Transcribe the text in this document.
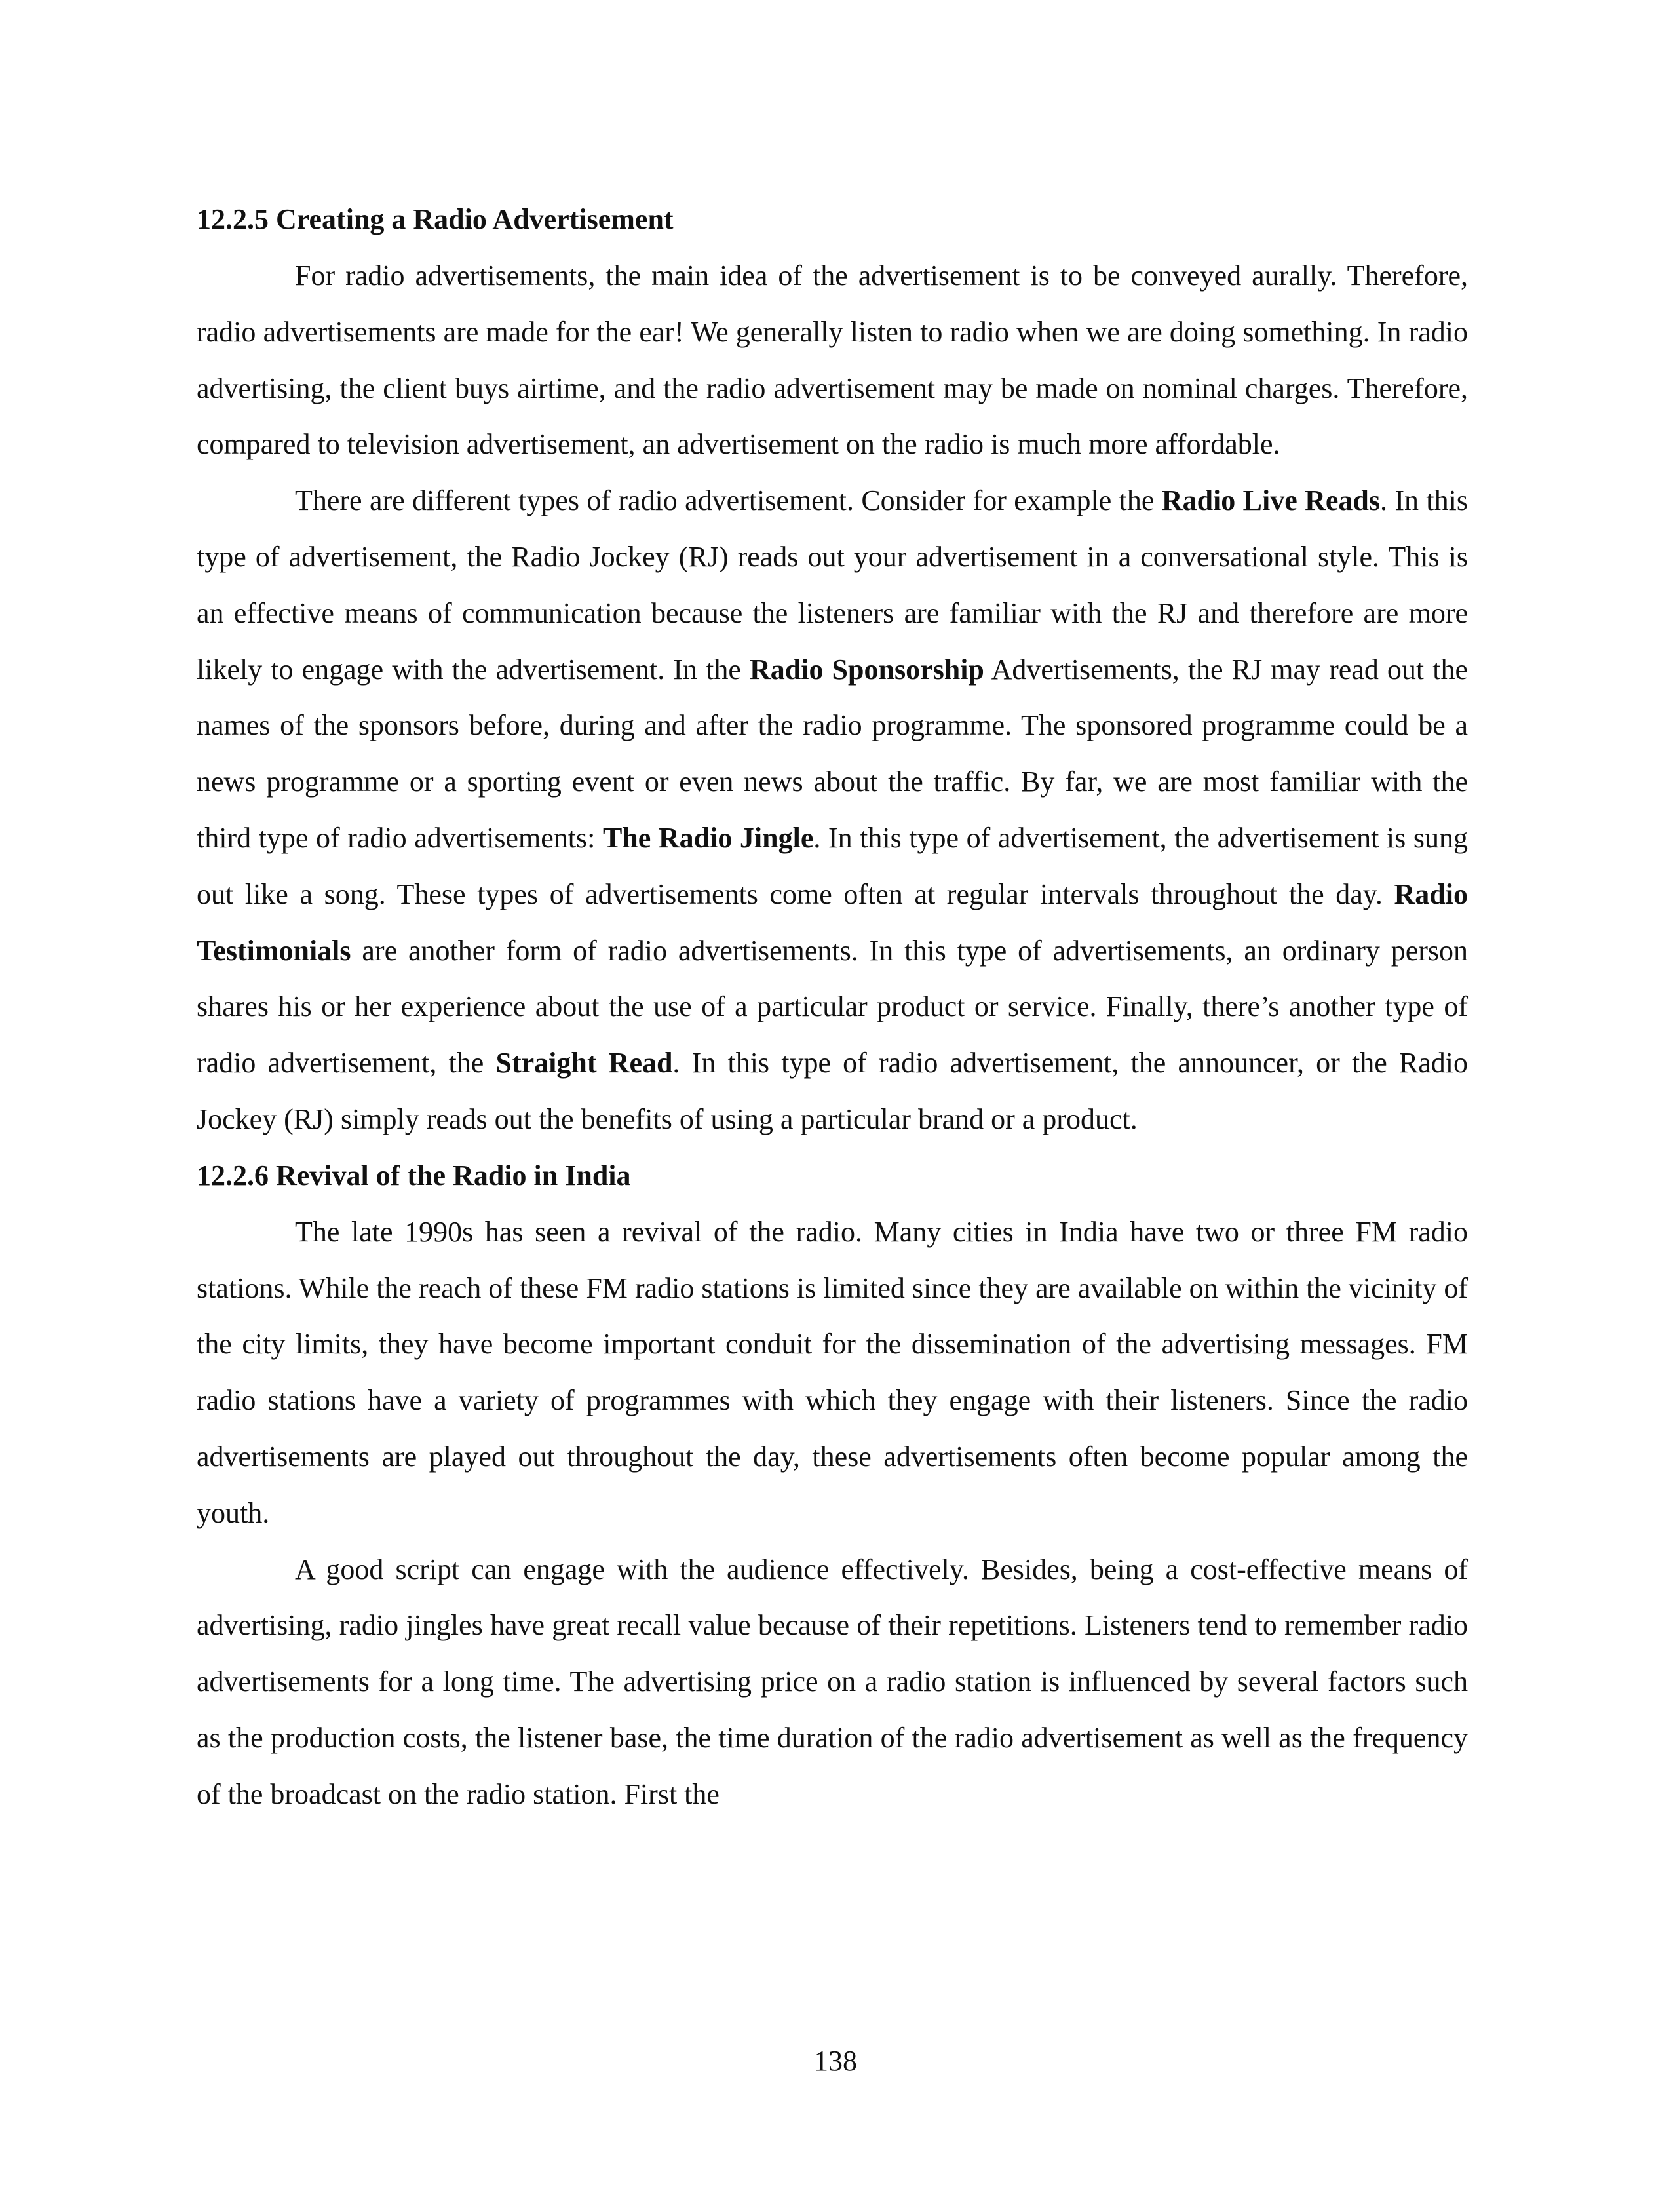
12.2.5 Creating a Radio Advertisement

For radio advertisements, the main idea of the advertisement is to be conveyed aurally. Therefore, radio advertisements are made for the ear! We generally listen to radio when we are doing something. In radio advertising, the client buys airtime, and the radio advertisement may be made on nominal charges. Therefore, compared to television advertisement, an advertisement on the radio is much more affordable.

There are different types of radio advertisement. Consider for example the Radio Live Reads. In this type of advertisement, the Radio Jockey (RJ) reads out your advertisement in a conversational style. This is an effective means of communication because the listeners are familiar with the RJ and therefore are more likely to engage with the advertisement. In the Radio Sponsorship Advertisements, the RJ may read out the names of the sponsors before, during and after the radio programme. The sponsored programme could be a news programme or a sporting event or even news about the traffic. By far, we are most familiar with the third type of radio advertisements: The Radio Jingle. In this type of advertisement, the advertisement is sung out like a song. These types of advertisements come often at regular intervals throughout the day. Radio Testimonials are another form of radio advertisements. In this type of advertisements, an ordinary person shares his or her experience about the use of a particular product or service. Finally, there’s another type of radio advertisement, the Straight Read. In this type of radio advertisement, the announcer, or the Radio Jockey (RJ) simply reads out the benefits of using a particular brand or a product.

12.2.6 Revival of the Radio in India

The late 1990s has seen a revival of the radio. Many cities in India have two or three FM radio stations. While the reach of these FM radio stations is limited since they are available on within the vicinity of the city limits, they have become important conduit for the dissemination of the advertising messages. FM radio stations have a variety of programmes with which they engage with their listeners. Since the radio advertisements are played out throughout the day, these advertisements often become popular among the youth.

A good script can engage with the audience effectively. Besides, being a cost-effective means of advertising, radio jingles have great recall value because of their repetitions. Listeners tend to remember radio advertisements for a long time. The advertising price on a radio station is influenced by several factors such as the production costs, the listener base, the time duration of the radio advertisement as well as the frequency of the broadcast on the radio station. First the

138
